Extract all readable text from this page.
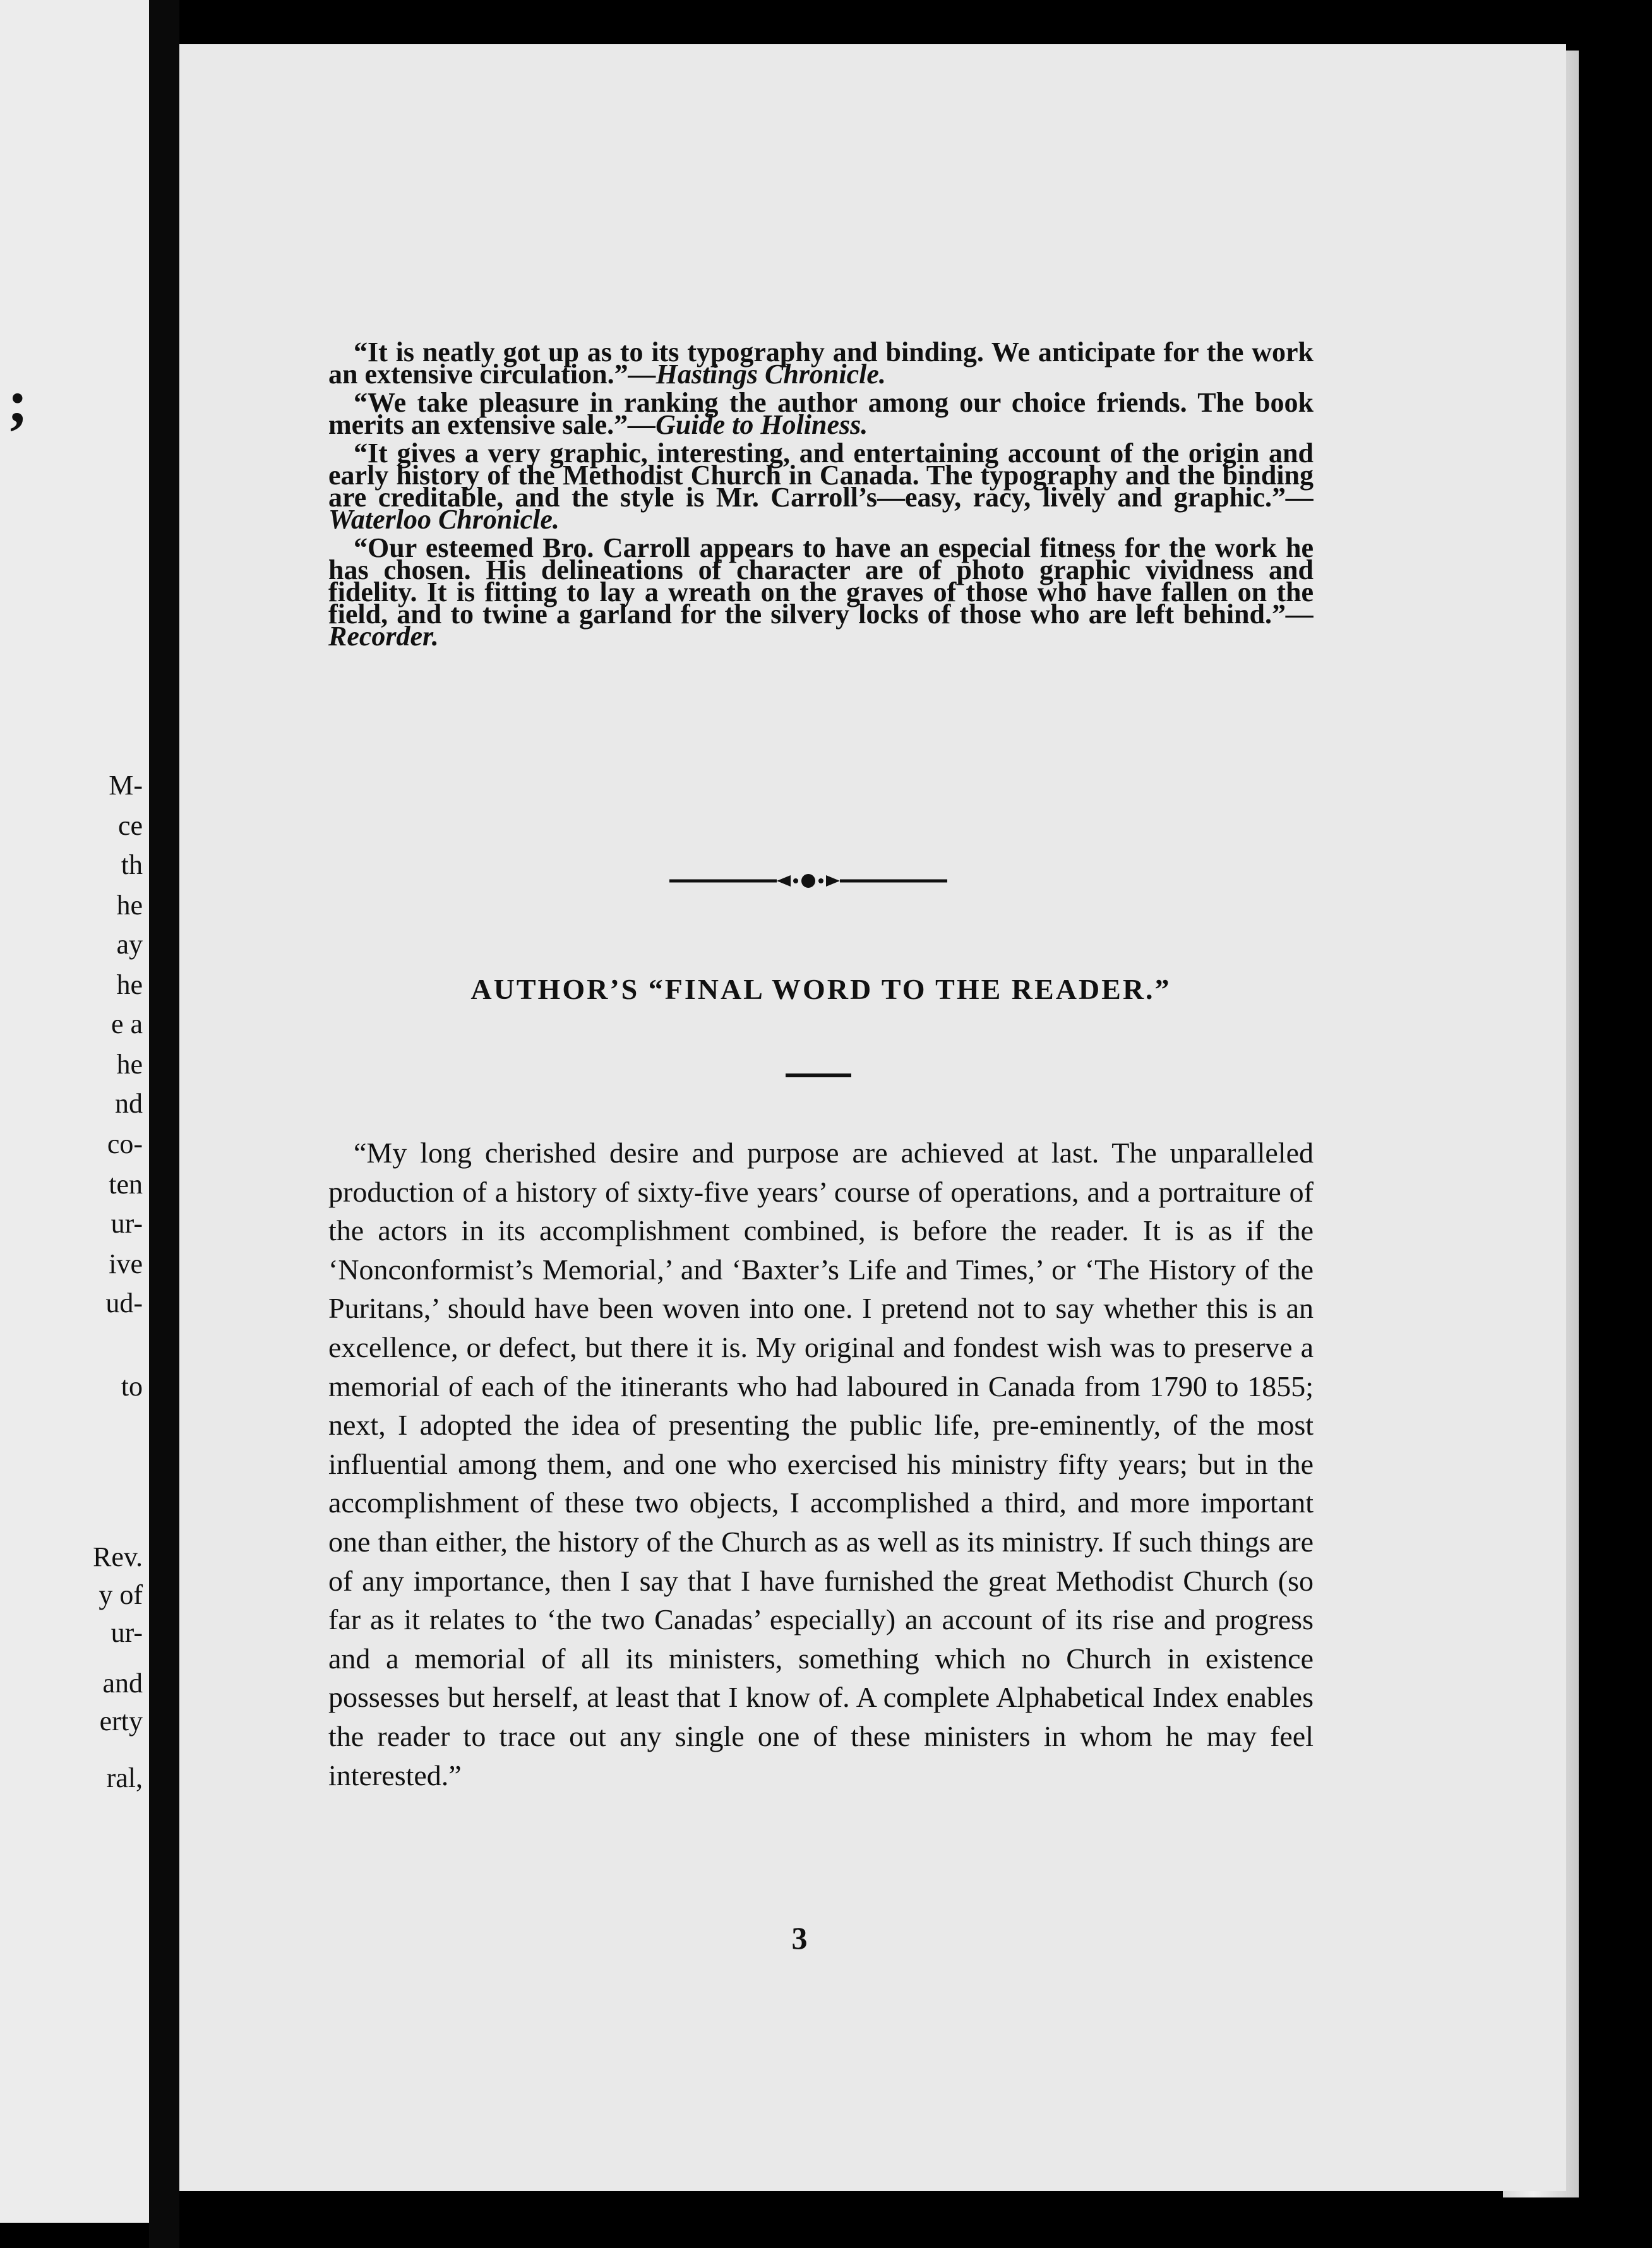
;
M-
ce
th
he
ay
he
e a
he
nd
co-
ten
ur-
ive
ud-
to
Rev.
y of
ur-
and
erty
ral,

“It is neatly got up as to its typography and binding. We anticipate for the work an extensive circulation.”—Hastings Chronicle.

“We take pleasure in ranking the author among our choice friends. The book merits an extensive sale.”—Guide to Holiness.

“It gives a very graphic, interesting, and entertaining account of the origin and early history of the Methodist Church in Canada. The typography and the binding are creditable, and the style is Mr. Carroll’s—easy, racy, lively and graphic.”—Waterloo Chronicle.

“Our esteemed Bro. Carroll appears to have an especial fitness for the work he has chosen. His delineations of character are of photo graphic vividness and fidelity. It is fitting to lay a wreath on the graves of those who have fallen on the field, and to twine a garland for the silvery locks of those who are left behind.”—Recorder.

AUTHOR’S “FINAL WORD TO THE READER.”

“My long cherished desire and purpose are achieved at last. The unparalleled production of a history of sixty-five years’ course of operations, and a portraiture of the actors in its accomplishment combined, is before the reader. It is as if the ‘Nonconformist’s Memorial,’ and ‘Baxter’s Life and Times,’ or ‘The History of the Puritans,’ should have been woven into one. I pretend not to say whether this is an excellence, or defect, but there it is. My original and fondest wish was to preserve a memorial of each of the itinerants who had laboured in Canada from 1790 to 1855; next, I adopted the idea of presenting the public life, pre-eminently, of the most influential among them, and one who exercised his ministry fifty years; but in the accomplishment of these two objects, I accomplished a third, and more important one than either, the history of the Church as as well as its ministry. If such things are of any importance, then I say that I have furnished the great Methodist Church (so far as it relates to ‘the two Canadas’ especially) an account of its rise and progress and a memorial of all its ministers, something which no Church in existence possesses but herself, at least that I know of. A complete Alphabetical Index enables the reader to trace out any single one of these ministers in whom he may feel interested.”

3
